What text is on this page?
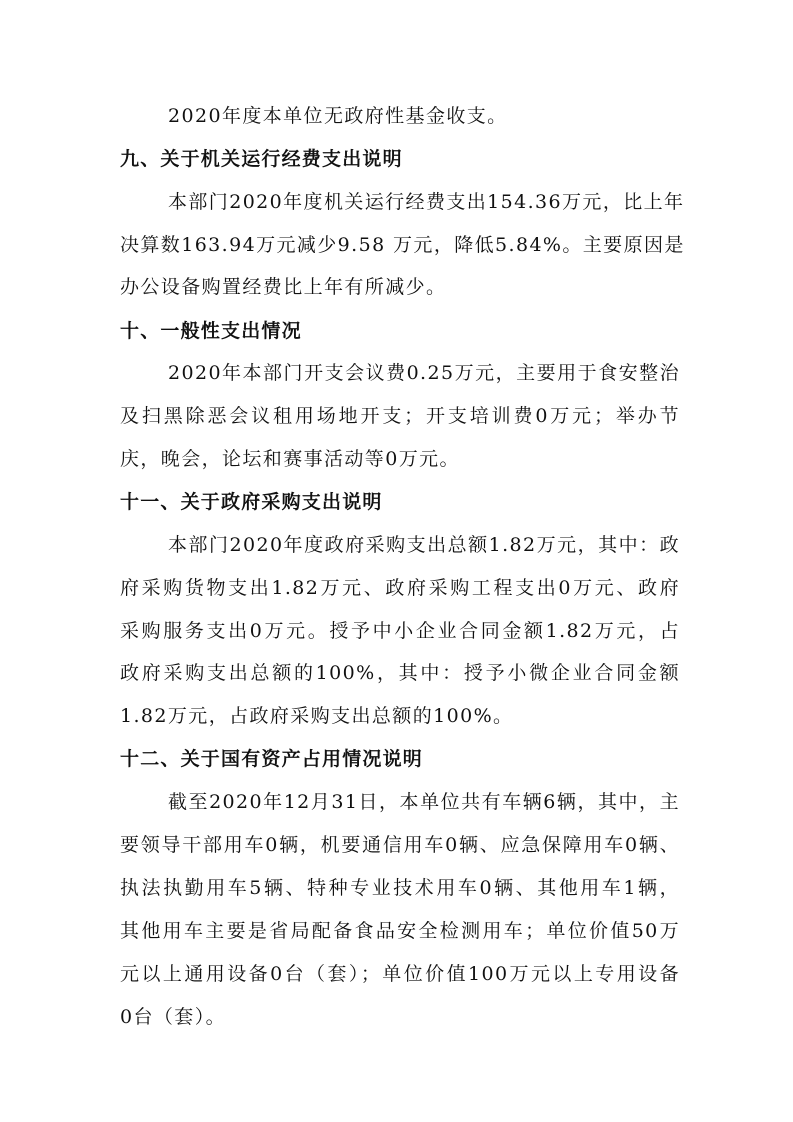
2020年度本单位无政府性基金收支。
九、关于机关运行经费支出说明
本部门2020年度机关运行经费支出154.36万元，比上年
决算数163.94万元减少9.58 万元，降低5.84%。主要原因是
办公设备购置经费比上年有所减少。
十、一般性支出情况
2020年本部门开支会议费0.25万元，主要用于食安整治
及扫黑除恶会议租用场地开支；开支培训费0万元；举办节
庆，晚会，论坛和赛事活动等0万元。
十一、关于政府采购支出说明
本部门2020年度政府采购支出总额1.82万元，其中：政
府采购货物支出1.82万元、政府采购工程支出0万元、政府
采购服务支出0万元。授予中小企业合同金额1.82万元，占
政府采购支出总额的100%，其中：授予小微企业合同金额
1.82万元，占政府采购支出总额的100%。
十二、关于国有资产占用情况说明
截至2020年12月31日，本单位共有车辆6辆，其中，主
要领导干部用车0辆，机要通信用车0辆、应急保障用车0辆、
执法执勤用车5辆、特种专业技术用车0辆、其他用车1辆，
其他用车主要是省局配备食品安全检测用车；单位价值50万
元以上通用设备0台（套）；单位价值100万元以上专用设备
0台（套）。
